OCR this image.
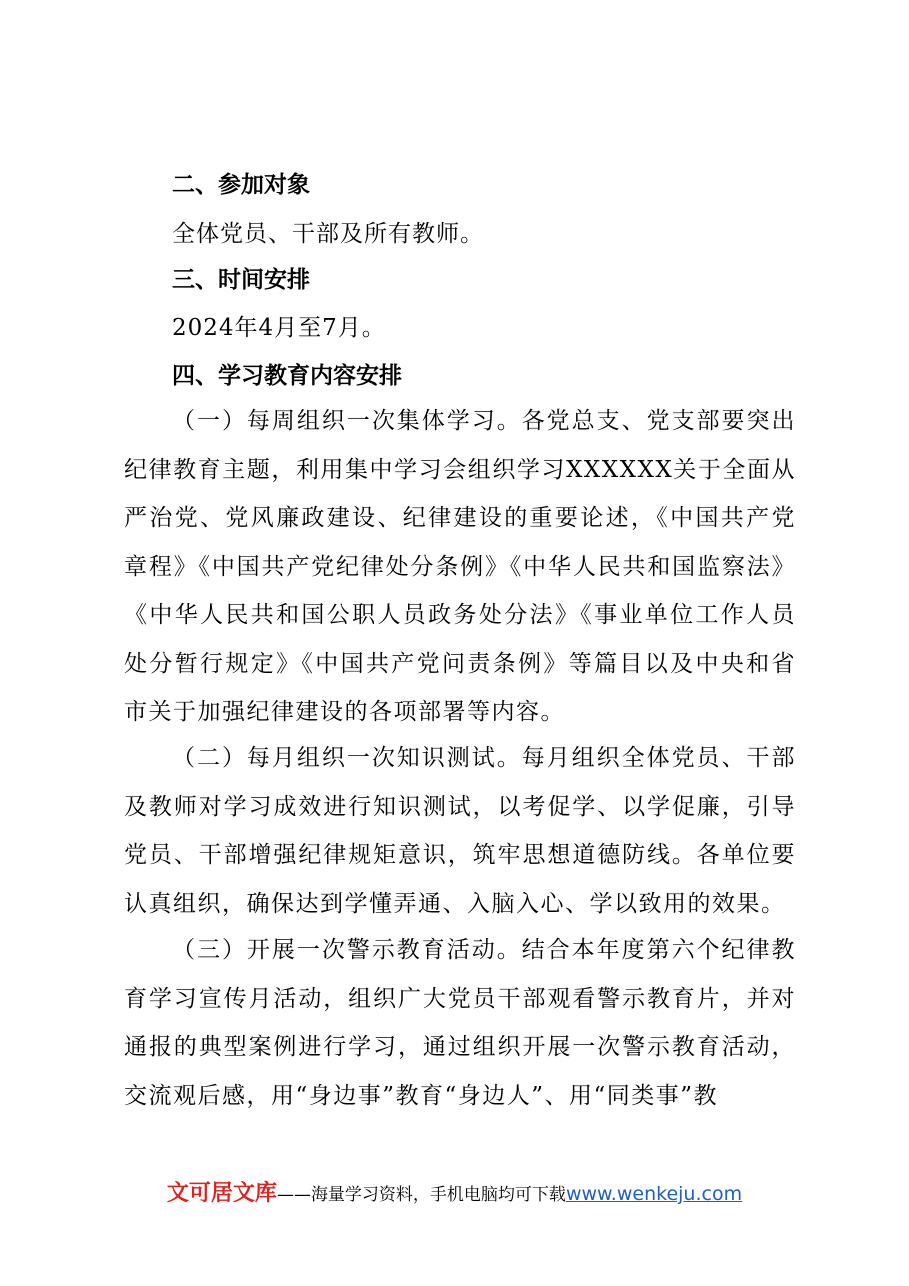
二、参加对象
全体党员、干部及所有教师。
三、时间安排
2024年4月至7月。
四、学习教育内容安排
（一）每周组织一次集体学习。各党总支、党支部要突出纪律教育主题，利用集中学习会组织学习XXXXXX关于全面从严治党、党风廉政建设、纪律建设的重要论述，《中国共产党章程》《中国共产党纪律处分条例》《中华人民共和国监察法》《中华人民共和国公职人员政务处分法》《事业单位工作人员处分暂行规定》《中国共产党问责条例》等篇目以及中央和省市关于加强纪律建设的各项部署等内容。
（二）每月组织一次知识测试。每月组织全体党员、干部及教师对学习成效进行知识测试，以考促学、以学促廉，引导党员、干部增强纪律规矩意识，筑牢思想道德防线。各单位要认真组织，确保达到学懂弄通、入脑入心、学以致用的效果。
（三）开展一次警示教育活动。结合本年度第六个纪律教育学习宣传月活动，组织广大党员干部观看警示教育片，并对通报的典型案例进行学习，通过组织开展一次警示教育活动，交流观后感，用“身边事”教育“身边人”、用“同类事”教
文可居文库——海量学习资料，手机电脑均可下载www.wenkeju.com
